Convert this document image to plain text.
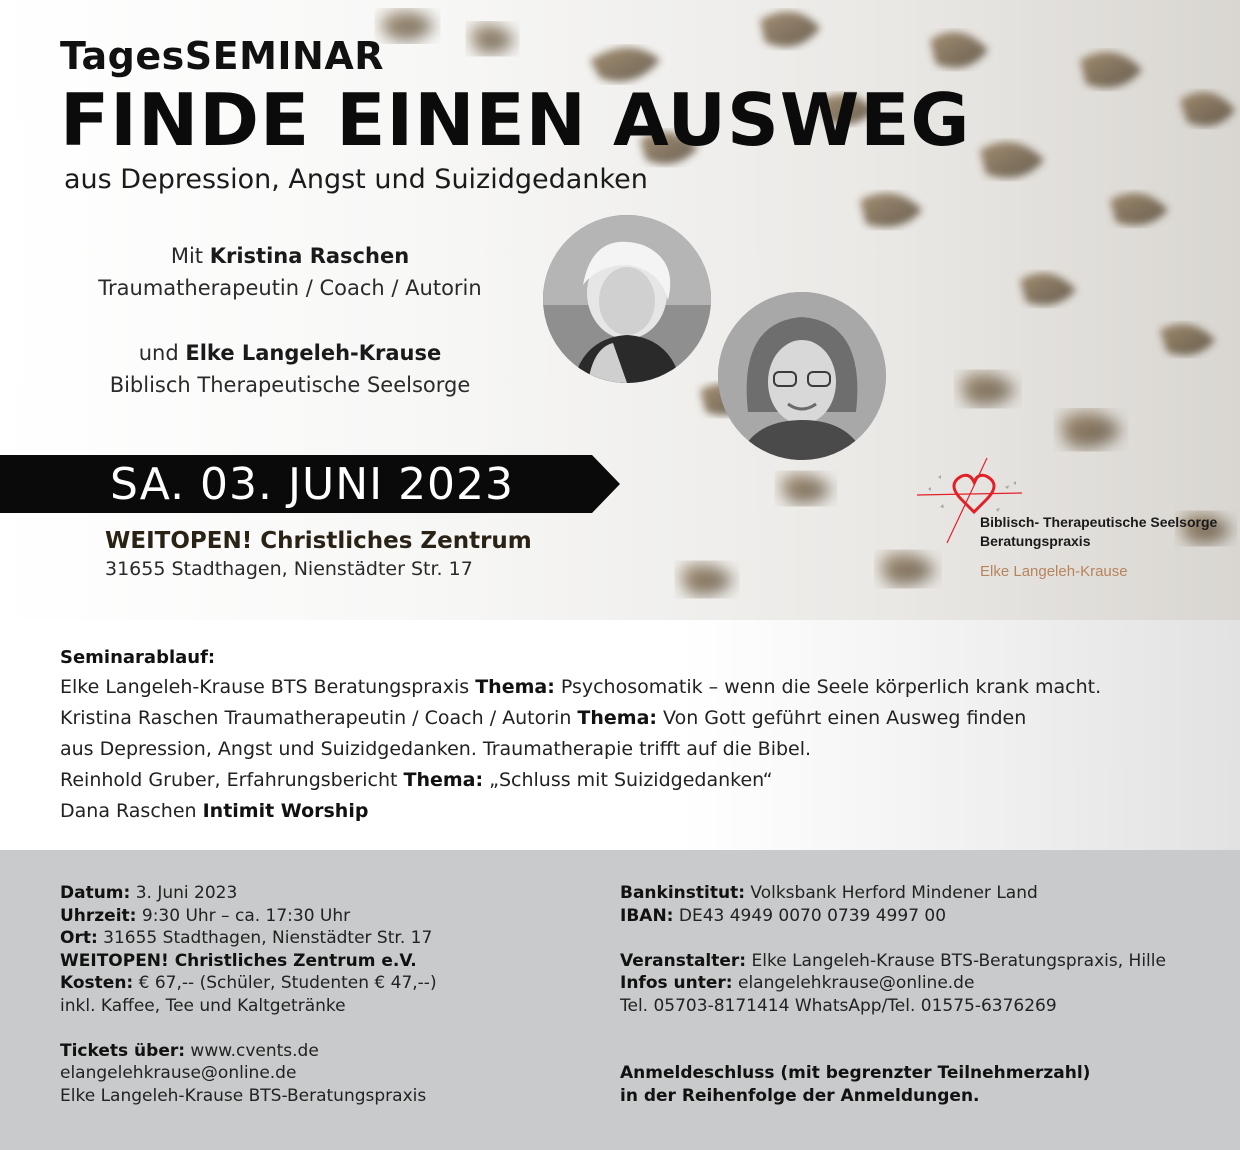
TagesSEMINAR
FINDE EINEN AUSWEG
aus Depression, Angst und Suizidgedanken
Mit Kristina Raschen
Traumatherapeutin / Coach / Autorin
und Elke Langeleh-Krause
Biblisch Therapeutische Seelsorge
SA. 03. JUNI 2023
WEITOPEN! Christliches Zentrum
31655 Stadthagen, Nienstädter Str. 17
Biblisch- Therapeutische Seelsorge
Beratungspraxis
Elke Langeleh-Krause
Seminarablauf:
Elke Langeleh-Krause BTS Beratungspraxis Thema: Psychosomatik – wenn die Seele körperlich krank macht.
Kristina Raschen Traumatherapeutin / Coach / Autorin Thema: Von Gott geführt einen Ausweg finden
aus Depression, Angst und Suizidgedanken. Traumatherapie trifft auf die Bibel.
Reinhold Gruber, Erfahrungsbericht Thema: „Schluss mit Suizidgedanken“
Dana Raschen Intimit Worship
Datum: 3. Juni 2023
Uhrzeit: 9:30 Uhr – ca. 17:30 Uhr
Ort: 31655 Stadthagen, Nienstädter Str. 17
WEITOPEN! Christliches Zentrum e.V.
Kosten: € 67,-- (Schüler, Studenten € 47,--)
inkl. Kaffee, Tee und Kaltgetränke
Tickets über: www.cvents.de
elangelehkrause@online.de
Elke Langeleh-Krause BTS-Beratungspraxis
Bankinstitut: Volksbank Herford Mindener Land
IBAN: DE43 4949 0070 0739 4997 00
Veranstalter: Elke Langeleh-Krause BTS-Beratungspraxis, Hille
Infos unter: elangelehkrause@online.de
Tel. 05703-8171414 WhatsApp/Tel. 01575-6376269
Anmeldeschluss (mit begrenzter Teilnehmerzahl)
in der Reihenfolge der Anmeldungen.
